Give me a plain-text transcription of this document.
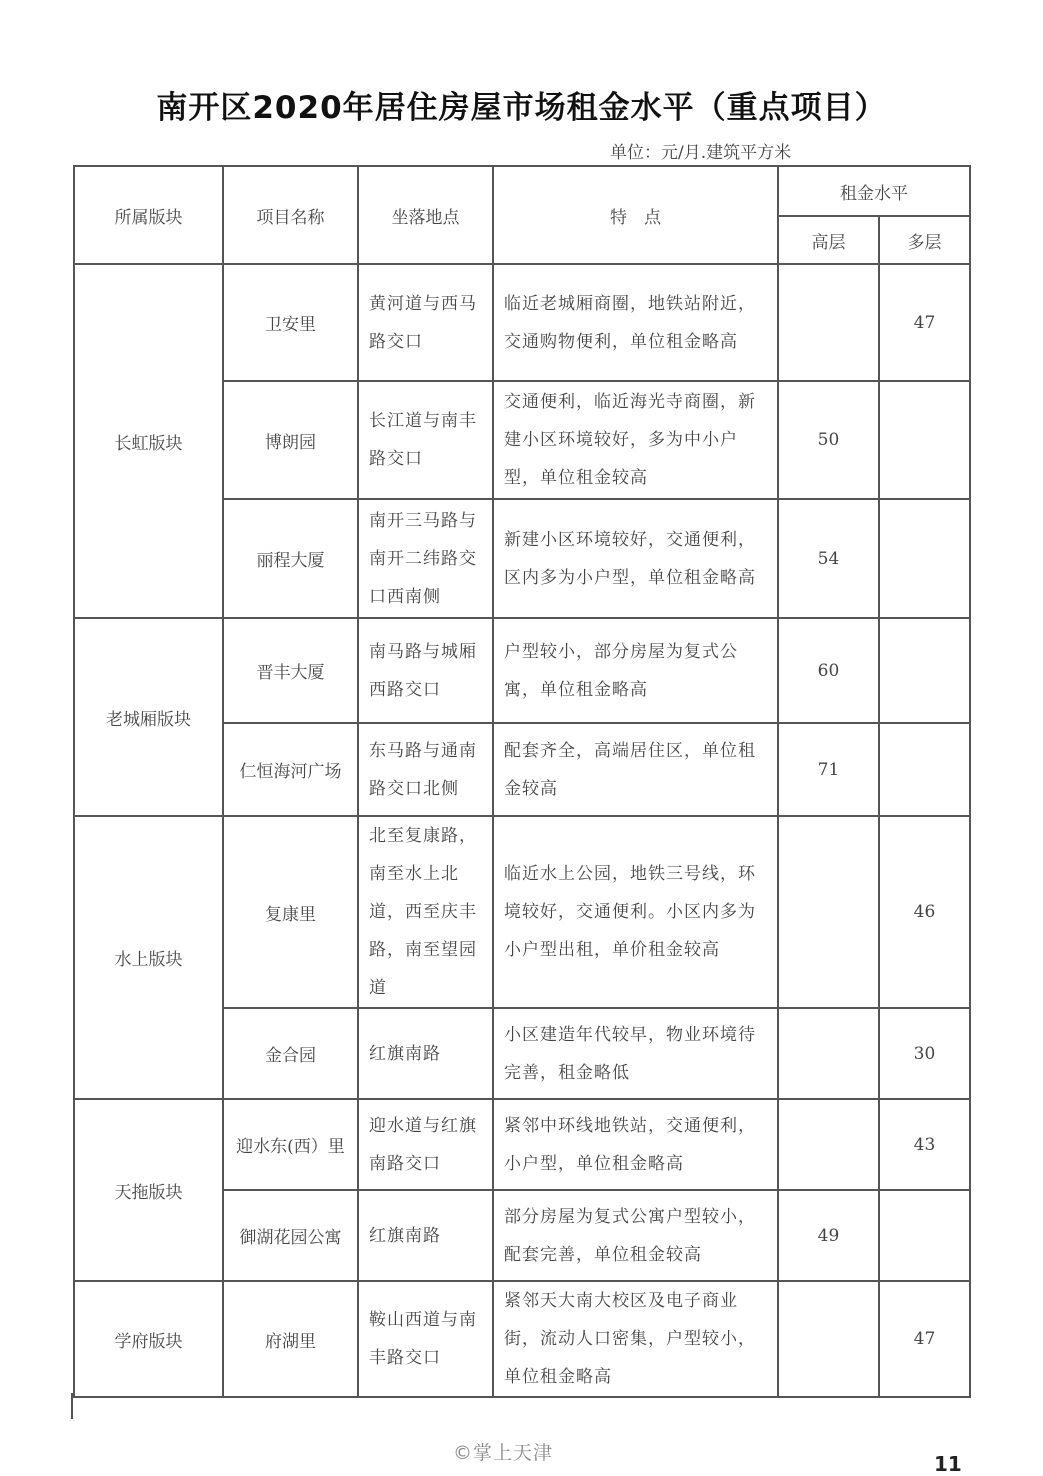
南开区2020年居住房屋市场租金水平（重点项目）
单位：元/月.建筑平方米
所属版块	项目名称	坐落地点	特　点	租金水平	
				高层	多层
长虹版块	卫安里	黄河道与西马路交口	临近老城厢商圈，地铁站附近，交通购物便利，单位租金略高		47
	博朗园	长江道与南丰路交口	交通便利，临近海光寺商圈，新建小区环境较好，多为中小户型，单位租金较高	50	
	丽程大厦	南开三马路与南开二纬路交口西南侧	新建小区环境较好，交通便利，区内多为小户型，单位租金略高	54	
老城厢版块	晋丰大厦	南马路与城厢西路交口	户型较小，部分房屋为复式公寓，单位租金略高	60	
	仁恒海河广场	东马路与通南路交口北侧	配套齐全，高端居住区，单位租金较高	71	
水上版块	复康里	北至复康路，南至水上北道，西至庆丰路，南至望园道	临近水上公园，地铁三号线，环境较好，交通便利。小区内多为小户型出租，单价租金较高		46
	金合园	红旗南路	小区建造年代较早，物业环境待完善，租金略低		30
天拖版块	迎水东(西）里	迎水道与红旗南路交口	紧邻中环线地铁站，交通便利，小户型，单位租金略高		43
	御湖花园公寓	红旗南路	部分房屋为复式公寓户型较小，配套完善，单位租金较高	49	
学府版块	府湖里	鞍山西道与南丰路交口	紧邻天大南大校区及电子商业街，流动人口密集，户型较小，单位租金略高		47
©掌上天津	11
